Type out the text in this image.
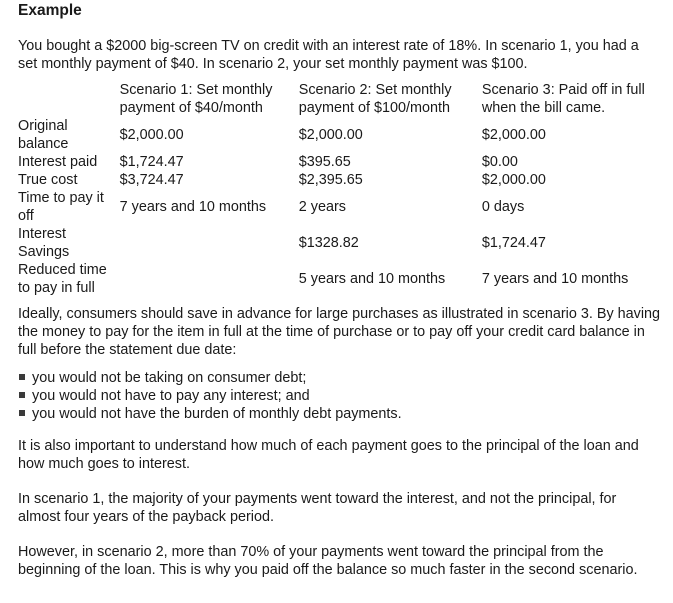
Example

You bought a $2000 big-screen TV on credit with an interest rate of 18%. In scenario 1, you had a set monthly payment of $40. In scenario 2, your set monthly payment was $100.

	Scenario 1: Set monthly payment of $40/month	Scenario 2: Set monthly payment of $100/month	Scenario 3: Paid off in full when the bill came.
Original balance	$2,000.00	$2,000.00	$2,000.00
Interest paid	$1,724.47	$395.65	$0.00
True cost	$3,724.47	$2,395.65	$2,000.00
Time to pay it off	7 years and 10 months	2 years	0 days
Interest Savings		$1328.82	$1,724.47
Reduced time to pay in full		5 years and 10 months	7 years and 10 months

Ideally, consumers should save in advance for large purchases as illustrated in scenario 3. By having the money to pay for the item in full at the time of purchase or to pay off your credit card balance in full before the statement due date:

you would not be taking on consumer debt;
you would not have to pay any interest; and
you would not have the burden of monthly debt payments.

It is also important to understand how much of each payment goes to the principal of the loan and how much goes to interest.

In scenario 1, the majority of your payments went toward the interest, and not the principal, for almost four years of the payback period.

However, in scenario 2, more than 70% of your payments went toward the principal from the beginning of the loan. This is why you paid off the balance so much faster in the second scenario.
